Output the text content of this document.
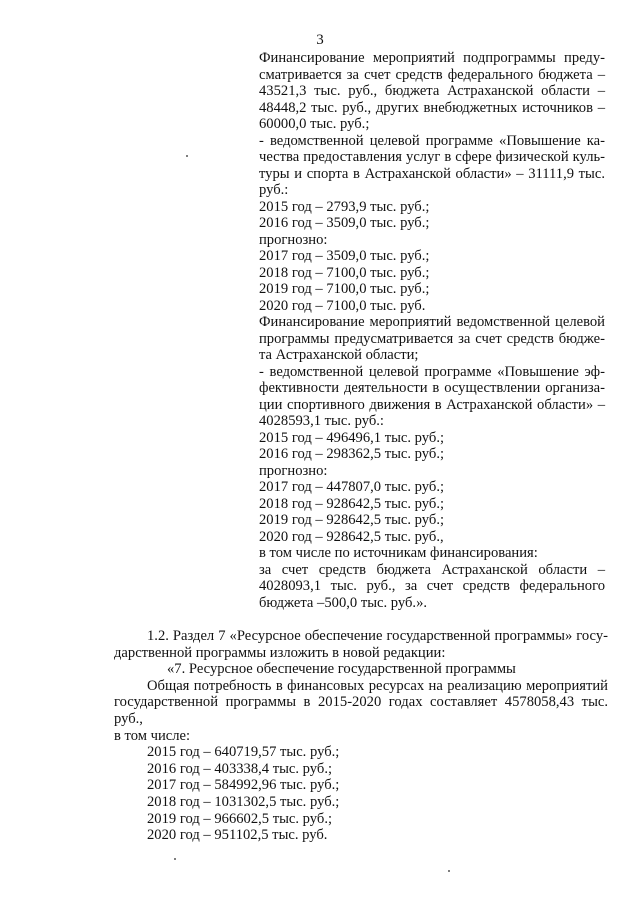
3
Финансирование мероприятий подпрограммы преду-
сматривается за счет средств федерального бюджета –
43521,3 тыс. руб., бюджета Астраханской области –
48448,2 тыс. руб., других внебюджетных источников –
60000,0 тыс. руб.;
- ведомственной целевой программе «Повышение ка-
чества предоставления услуг в сфере физической куль-
туры и спорта в Астраханской области» – 31111,9 тыс.
руб.:
2015 год – 2793,9 тыс. руб.;
2016 год – 3509,0 тыс. руб.;
прогнозно:
2017 год – 3509,0 тыс. руб.;
2018 год – 7100,0 тыс. руб.;
2019 год – 7100,0 тыс. руб.;
2020 год – 7100,0 тыс. руб.
Финансирование мероприятий ведомственной целевой
программы предусматривается за счет средств бюдже-
та Астраханской области;
- ведомственной целевой программе «Повышение эф-
фективности деятельности в осуществлении организа-
ции спортивного движения в Астраханской области» –
4028593,1 тыс. руб.:
2015 год – 496496,1 тыс. руб.;
2016 год – 298362,5 тыс. руб.;
прогнозно:
2017 год – 447807,0 тыс. руб.;
2018 год – 928642,5 тыс. руб.;
2019 год – 928642,5 тыс. руб.;
2020 год – 928642,5 тыс. руб.,
в том числе по источникам финансирования:
за счет средств бюджета Астраханской области –
4028093,1 тыс. руб., за счет средств федерального
бюджета –500,0 тыс. руб.».
1.2. Раздел 7 «Ресурсное обеспечение государственной программы» госу-
дарственной программы изложить в новой редакции:
«7. Ресурсное обеспечение государственной программы
Общая потребность в финансовых ресурсах на реализацию мероприятий
государственной программы в 2015-2020 годах составляет 4578058,43 тыс. руб.,
в том числе:
2015 год – 640719,57 тыс. руб.;
2016 год – 403338,4 тыс. руб.;
2017 год – 584992,96 тыс. руб.;
2018 год – 1031302,5 тыс. руб.;
2019 год – 966602,5 тыс. руб.;
2020 год – 951102,5 тыс. руб.
